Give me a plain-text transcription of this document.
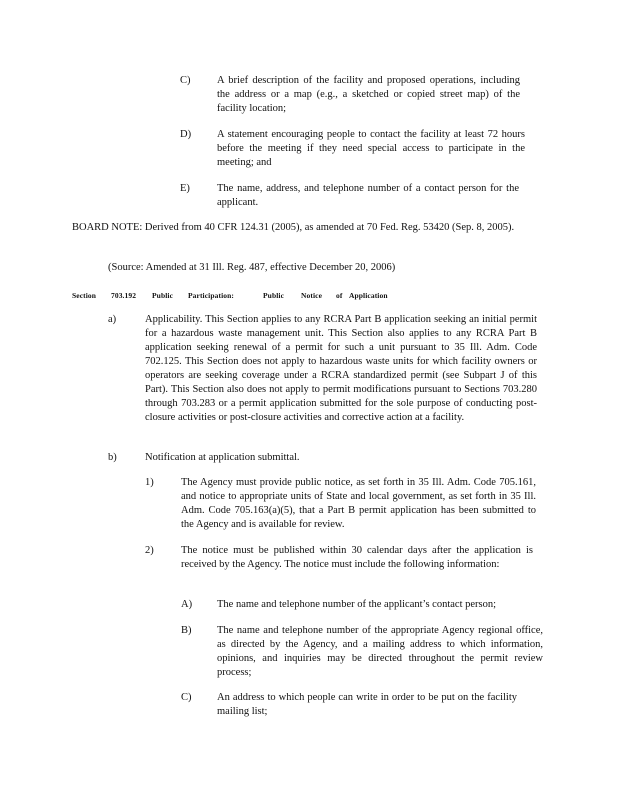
C)	A brief description of the facility and proposed operations, including the address or a map (e.g., a sketched or copied street map) of the facility location;
D) A statement encouraging people to contact the facility at least 72 hours before the meeting if they need special access to participate in the meeting; and
E)	The name, address, and telephone number of a contact person for the applicant.
BOARD NOTE: Derived from 40 CFR 124.31 (2005), as amended at 70 Fed. Reg. 53420 (Sep. 8, 2005).
(Source: Amended at 31 Ill. Reg. 487, effective December 20, 2006)
Section 703.192 Public Participation:	Public Notice of Application
a)	Applicability. This Section applies to any RCRA Part B application seeking an initial permit for a hazardous waste management unit. This Section also applies to any RCRA Part B application seeking renewal of a permit for such a unit pursuant to 35 Ill. Adm. Code 702.125. This Section does not apply to hazardous waste units for which facility owners or operators are seeking coverage under a RCRA standardized permit (see Subpart J of this Part). This Section also does not apply to permit modifications pursuant to Sections 703.280 through 703.283 or a permit application submitted for the sole purpose of conducting post-closure activities or post-closure activities and corrective action at a facility.
b)	Notification at application submittal.
1)	The Agency must provide public notice, as set forth in 35 Ill. Adm. Code 705.161, and notice to appropriate units of State and local government, as set forth in 35 Ill. Adm. Code 705.163(a)(5), that a Part B permit application has been submitted to the Agency and is available for review.
2)	The notice must be published within 30 calendar days after the application is received by the Agency. The notice must include the following information:
A) The name and telephone number of the applicant’s contact person;
B) The name and telephone number of the appropriate Agency regional office, as directed by the Agency, and a mailing address to which information, opinions, and inquiries may be directed throughout the permit review process;
C) An address to which people can write in order to be put on the facility mailing list;
